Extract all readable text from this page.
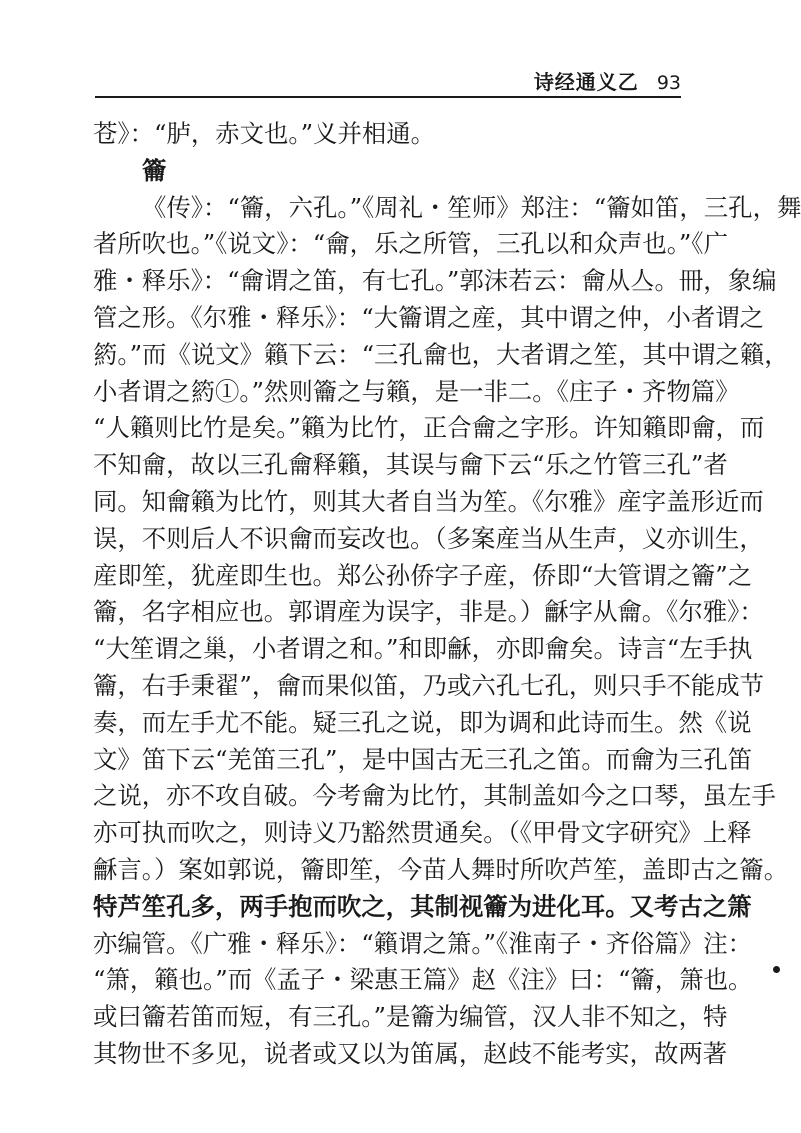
诗经通义乙 93
苍》：“胪，赤文也。”义并相通。
籥
《传》：“籥，六孔。”《周礼・笙师》郑注：“籥如笛，三孔，舞
者所吹也。”《说文》：“龠，乐之所管，三孔以和众声也。”《广
雅・释乐》：“龠谓之笛，有七孔。”郭沫若云：龠从亼。冊，象编
管之形。《尔雅・释乐》：“大籥谓之産，其中谓之仲，小者谓之
箹。”而《说文》籟下云：“三孔龠也，大者谓之笙，其中谓之籟，
小者谓之箹①。”然则籥之与籟，是一非二。《庄子・齐物篇》
“人籟则比竹是矣。”籟为比竹，正合龠之字形。许知籟即龠，而
不知龠，故以三孔龠释籟，其误与龠下云“乐之竹管三孔”者
同。知龠籟为比竹，则其大者自当为笙。《尔雅》産字盖形近而
误，不则后人不识龠而妄改也。（多案産当从生声，义亦训生，
産即笙，犹産即生也。郑公孙侨字子産，侨即“大管谓之籥”之
籥，名字相应也。郭谓産为误字，非是。）龢字从龠。《尔雅》：
“大笙谓之巢，小者谓之和。”和即龢，亦即龠矣。诗言“左手执
籥，右手秉翟”，龠而果似笛，乃或六孔七孔，则只手不能成节
奏，而左手尤不能。疑三孔之说，即为调和此诗而生。然《说
文》笛下云“羌笛三孔”，是中国古无三孔之笛。而龠为三孔笛
之说，亦不攻自破。今考龠为比竹，其制盖如今之口琴，虽左手
亦可执而吹之，则诗义乃豁然贯通矣。（《甲骨文字研究》上释
龢言。）案如郭说，籥即笙，今苗人舞时所吹芦笙，盖即古之籥。
特芦笙孔多，两手抱而吹之，其制视籥为进化耳。又考古之箫
亦编管。《广雅・释乐》：“籟谓之箫。”《淮南子・齐俗篇》注：
“箫，籟也。”而《孟子・梁惠王篇》赵《注》曰：“籥，箫也。
或曰籥若笛而短，有三孔。”是籥为编管，汉人非不知之，特
其物世不多见，说者或又以为笛属，赵歧不能考实，故两著
